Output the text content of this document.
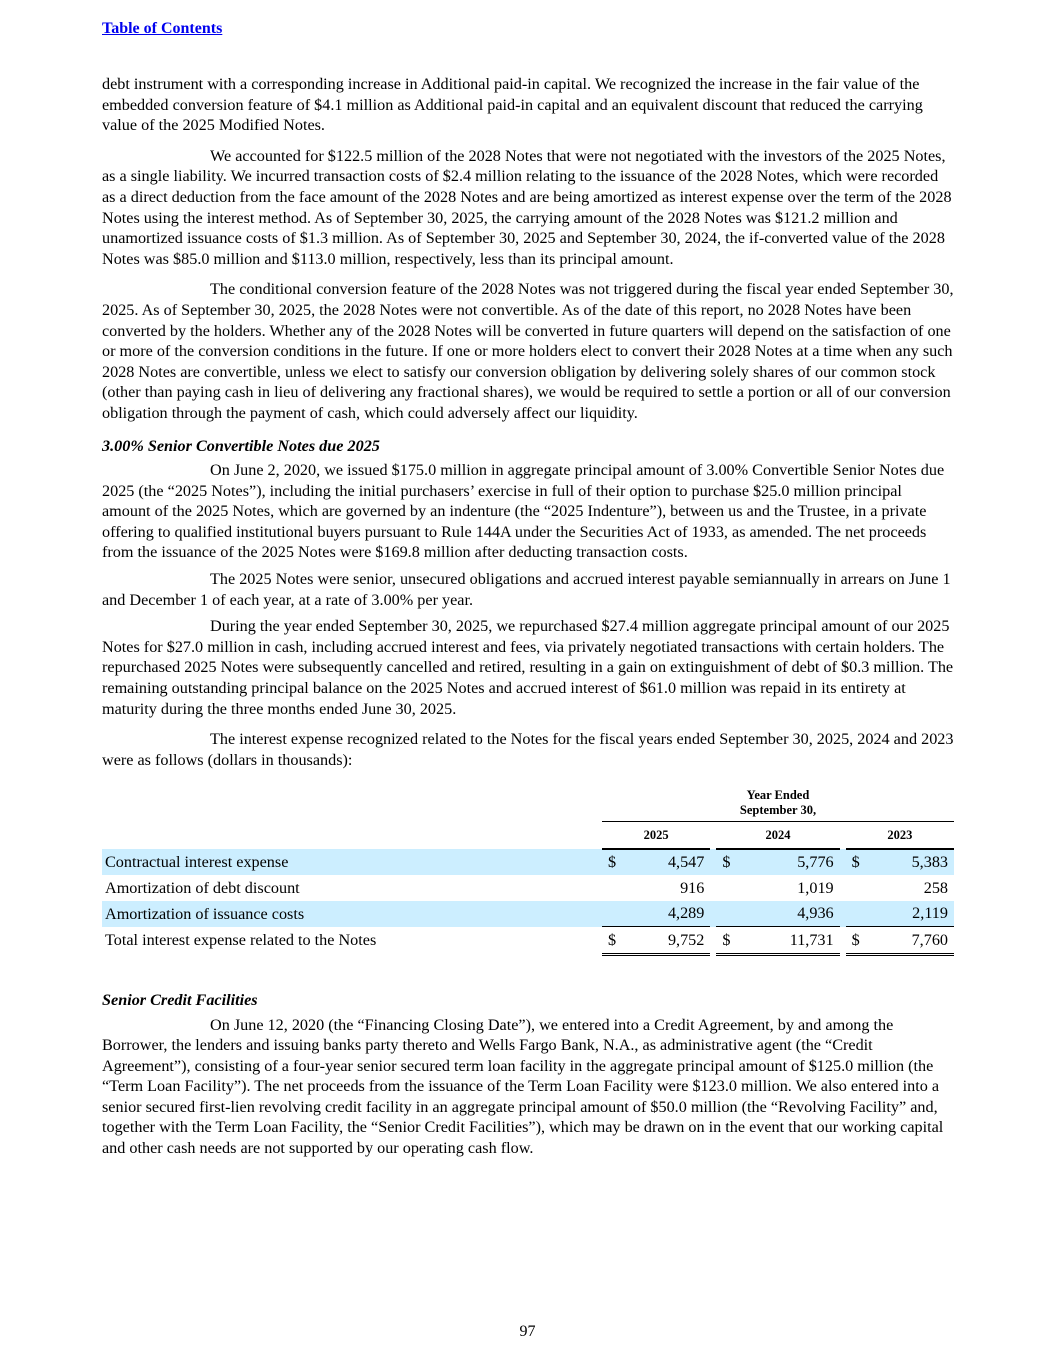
Table of Contents

debt instrument with a corresponding increase in Additional paid-in capital. We recognized the increase in the fair value of the embedded conversion feature of $4.1 million as Additional paid-in capital and an equivalent discount that reduced the carrying value of the 2025 Modified Notes.

We accounted for $122.5 million of the 2028 Notes that were not negotiated with the investors of the 2025 Notes, as a single liability. We incurred transaction costs of $2.4 million relating to the issuance of the 2028 Notes, which were recorded as a direct deduction from the face amount of the 2028 Notes and are being amortized as interest expense over the term of the 2028 Notes using the interest method. As of September 30, 2025, the carrying amount of the 2028 Notes was $121.2 million and unamortized issuance costs of $1.3 million. As of September 30, 2025 and September 30, 2024, the if-converted value of the 2028 Notes was $85.0 million and $113.0 million, respectively, less than its principal amount.

The conditional conversion feature of the 2028 Notes was not triggered during the fiscal year ended September 30, 2025. As of September 30, 2025, the 2028 Notes were not convertible. As of the date of this report, no 2028 Notes have been converted by the holders. Whether any of the 2028 Notes will be converted in future quarters will depend on the satisfaction of one or more of the conversion conditions in the future. If one or more holders elect to convert their 2028 Notes at a time when any such 2028 Notes are convertible, unless we elect to satisfy our conversion obligation by delivering solely shares of our common stock (other than paying cash in lieu of delivering any fractional shares), we would be required to settle a portion or all of our conversion obligation through the payment of cash, which could adversely affect our liquidity.

3.00% Senior Convertible Notes due 2025

On June 2, 2020, we issued $175.0 million in aggregate principal amount of 3.00% Convertible Senior Notes due 2025 (the “2025 Notes”), including the initial purchasers’ exercise in full of their option to purchase $25.0 million principal amount of the 2025 Notes, which are governed by an indenture (the “2025 Indenture”), between us and the Trustee, in a private offering to qualified institutional buyers pursuant to Rule 144A under the Securities Act of 1933, as amended. The net proceeds from the issuance of the 2025 Notes were $169.8 million after deducting transaction costs.

The 2025 Notes were senior, unsecured obligations and accrued interest payable semiannually in arrears on June 1 and December 1 of each year, at a rate of 3.00% per year.

During the year ended September 30, 2025, we repurchased $27.4 million aggregate principal amount of our 2025 Notes for $27.0 million in cash, including accrued interest and fees, via privately negotiated transactions with certain holders. The repurchased 2025 Notes were subsequently cancelled and retired, resulting in a gain on extinguishment of debt of $0.3 million. The remaining outstanding principal balance on the 2025 Notes and accrued interest of $61.0 million was repaid in its entirety at maturity during the three months ended June 30, 2025.

The interest expense recognized related to the Notes for the fiscal years ended September 30, 2025, 2024 and 2023 were as follows (dollars in thousands):

	Year Ended
September 30,							

	2025			2024			2023	
Contractual interest expense	$	4,547		$	5,776		$	5,383
Amortization of debt discount		916			1,019			258
Amortization of issuance costs		4,289			4,936			2,119
Total interest expense related to the Notes	$	9,752		$	11,731		$	7,760

Senior Credit Facilities

On June 12, 2020 (the “Financing Closing Date”), we entered into a Credit Agreement, by and among the Borrower, the lenders and issuing banks party thereto and Wells Fargo Bank, N.A., as administrative agent (the “Credit Agreement”), consisting of a four-year senior secured term loan facility in the aggregate principal amount of $125.0 million (the “Term Loan Facility”). The net proceeds from the issuance of the Term Loan Facility were $123.0 million. We also entered into a senior secured first-lien revolving credit facility in an aggregate principal amount of $50.0 million (the “Revolving Facility” and, together with the Term Loan Facility, the “Senior Credit Facilities”), which may be drawn on in the event that our working capital and other cash needs are not supported by our operating cash flow.

97
